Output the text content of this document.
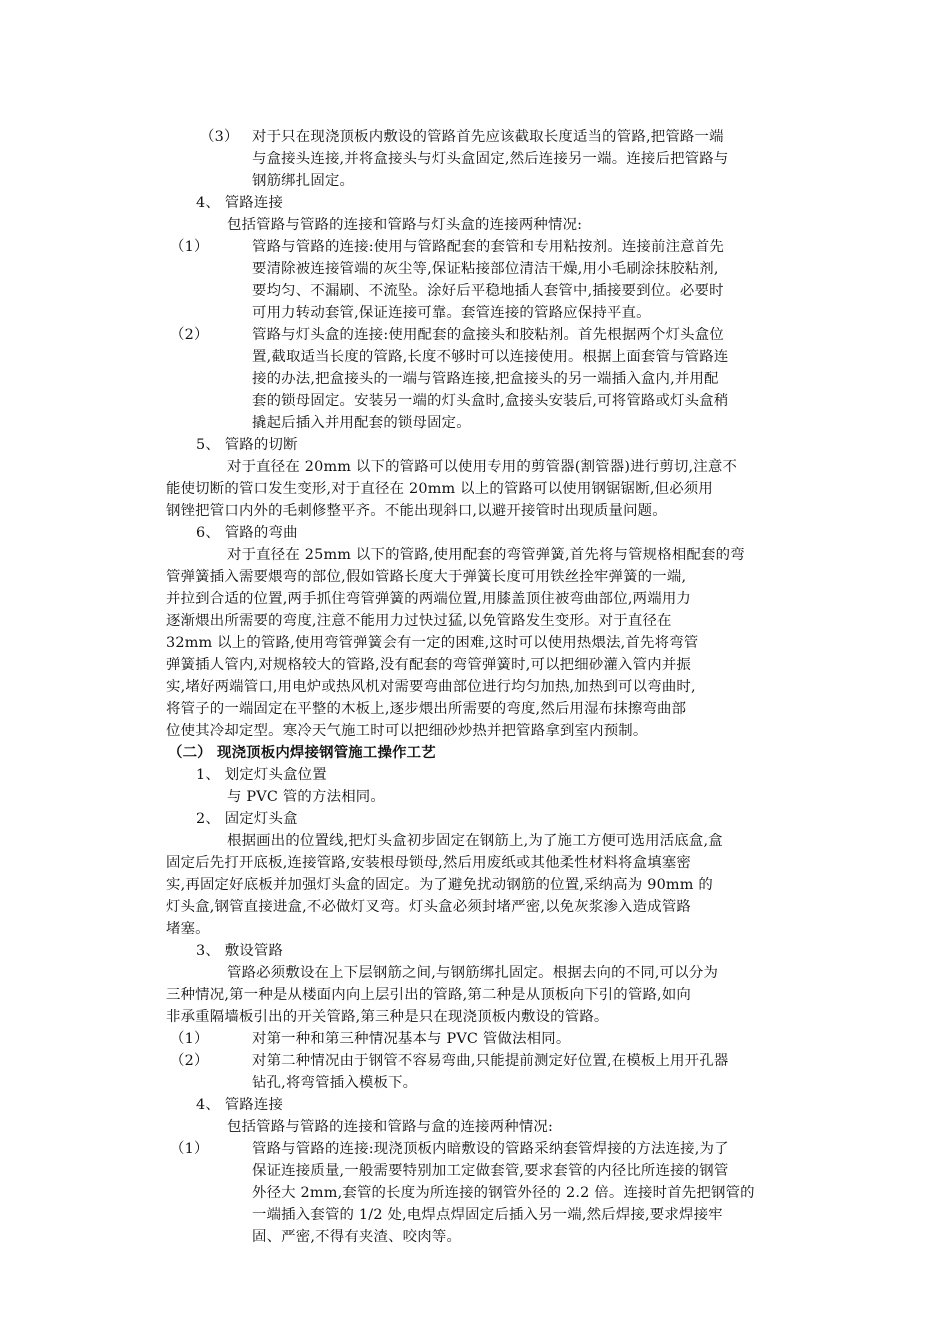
（3） 对于只在现浇顶板内敷设的管路首先应该截取长度适当的管路,把管路一端
与盒接头连接,并将盒接头与灯头盒固定,然后连接另一端。连接后把管路与
钢筋绑扎固定。
4、 管路连接
包括管路与管路的连接和管路与灯头盒的连接两种情况:
（1）	管路与管路的连接:使用与管路配套的套管和专用粘按剂。连接前注意首先
要清除被连接管端的灰尘等,保证粘接部位清洁干燥,用小毛刷涂抹胶粘剂,
要均匀、不漏刷、不流坠。涂好后平稳地插人套管中,插接要到位。必要时
可用力转动套管,保证连接可靠。套管连接的管路应保持平直。
（2）	管路与灯头盒的连接:使用配套的盒接头和胶粘剂。首先根据两个灯头盒位
置,截取适当长度的管路,长度不够时可以连接使用。根据上面套管与管路连
接的办法,把盒接头的一端与管路连接,把盒接头的另一端插入盒内,并用配
套的锁母固定。安装另一端的灯头盒时,盒接头安装后,可将管路或灯头盒稍
撬起后插入并用配套的锁母固定。
5、 管路的切断
对于直径在 20mm 以下的管路可以使用专用的剪管器(割管器)进行剪切,注意不
能使切断的管口发生变形,对于直径在 20mm 以上的管路可以使用钢锯锯断,但必须用
钢锉把管口内外的毛刺修整平齐。不能出现斜口,以避开接管时出现质量问题。
6、 管路的弯曲
对于直径在 25mm 以下的管路,使用配套的弯管弹簧,首先将与管规格相配套的弯
管弹簧插入需要煨弯的部位,假如管路长度大于弹簧长度可用铁丝拴牢弹簧的一端,
并拉到合适的位置,两手抓住弯管弹簧的两端位置,用膝盖顶住被弯曲部位,两端用力
逐渐煨出所需要的弯度,注意不能用力过快过猛,以免管路发生变形。对于直径在
32mm 以上的管路,使用弯管弹簧会有一定的困难,这时可以使用热煨法,首先将弯管
弹簧插人管内,对规格较大的管路,没有配套的弯管弹簧时,可以把细砂灌入管内并振
实,堵好两端管口,用电炉或热风机对需要弯曲部位进行均匀加热,加热到可以弯曲时,
将管子的一端固定在平整的木板上,逐步煨出所需要的弯度,然后用湿布抹擦弯曲部
位使其冷却定型。寒冷天气施工时可以把细砂炒热并把管路拿到室内预制。
（二） 现浇顶板内焊接钢管施工操作工艺
1、 划定灯头盒位置
与 PVC 管的方法相同。
2、 固定灯头盒
根据画出的位置线,把灯头盒初步固定在钢筋上,为了施工方便可选用活底盒,盒
固定后先打开底板,连接管路,安装根母锁母,然后用废纸或其他柔性材料将盒填塞密
实,再固定好底板并加强灯头盒的固定。为了避免扰动钢筋的位置,采纳高为 90mm 的
灯头盒,钢管直接进盒,不必做灯叉弯。灯头盒必须封堵严密,以免灰浆渗入造成管路
堵塞。
3、 敷设管路
管路必须敷设在上下层钢筋之间,与钢筋绑扎固定。根据去向的不同,可以分为
三种情况,第一种是从楼面内向上层引出的管路,第二种是从顶板向下引的管路,如向
非承重隔墙板引出的开关管路,第三种是只在现浇顶板内敷设的管路。
（1）	对第一种和第三种情况基本与 PVC 管做法相同。
（2）	对第二种情况由于钢管不容易弯曲,只能提前测定好位置,在模板上用开孔器
钻孔,将弯管插入模板下。
4、 管路连接
包括管路与管路的连接和管路与盒的连接两种情况:
（1）	管路与管路的连接:现浇顶板内暗敷设的管路采纳套管焊接的方法连接,为了
保证连接质量,一般需要特别加工定做套管,要求套管的内径比所连接的钢管
外径大 2mm,套管的长度为所连接的钢管外径的 2.2 倍。连接时首先把钢管的
一端插入套管的 1/2 处,电焊点焊固定后插入另一端,然后焊接,要求焊接牢
固、严密,不得有夹渣、咬肉等。
